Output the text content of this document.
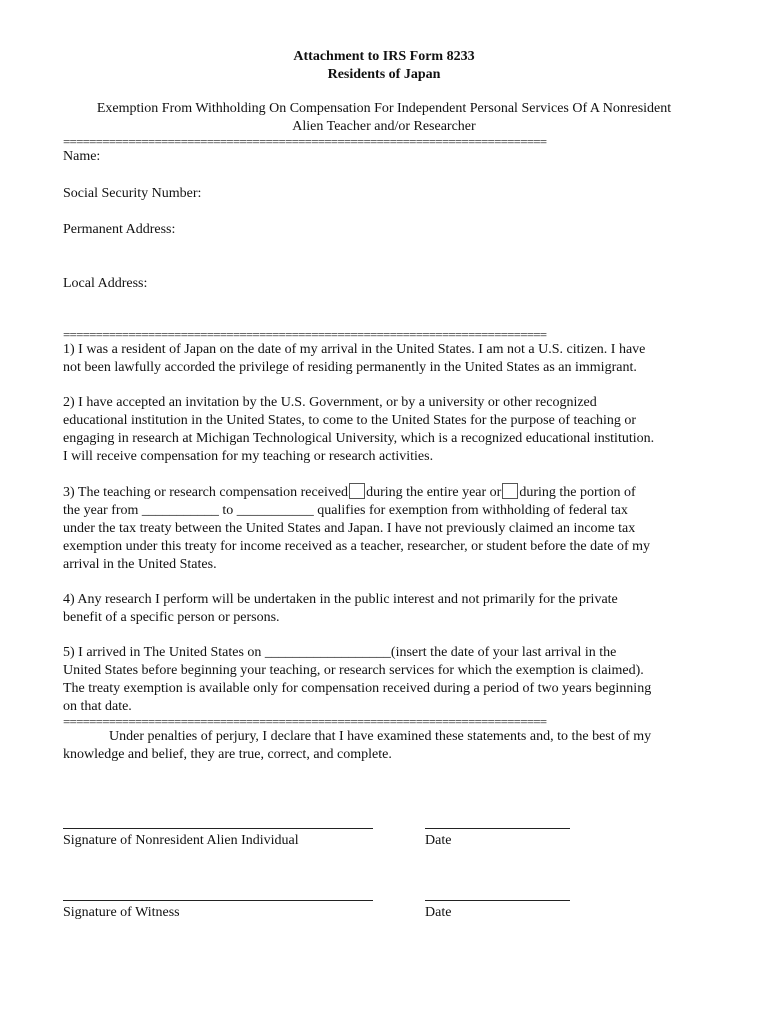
Attachment to IRS Form 8233
Residents of Japan
Exemption From Withholding On Compensation For Independent Personal Services Of A Nonresident
Alien Teacher and/or Researcher
==========================================================================
Name:
Social Security Number:
Permanent Address:
Local Address:
==========================================================================
1) I was a resident of Japan on the date of my arrival in the United States. I am not a U.S. citizen. I have
not been lawfully accorded the privilege of residing permanently in the United States as an immigrant.
2) I have accepted an invitation by the U.S. Government, or by a university or other recognized
educational institution in the United States, to come to the United States for the purpose of teaching or
engaging in research at Michigan Technological University, which is a recognized educational institution.
I will receive compensation for my teaching or research activities.
3) The teaching or research compensation received during the entire year or during the portion of
the year from ___________ to ___________ qualifies for exemption from withholding of federal tax
under the tax treaty between the United States and Japan. I have not previously claimed an income tax
exemption under this treaty for income received as a teacher, researcher, or student before the date of my
arrival in the United States.
4) Any research I perform will be undertaken in the public interest and not primarily for the private
benefit of a specific person or persons.
5) I arrived in The United States on __________________(insert the date of your last arrival in the
United States before beginning your teaching, or research services for which the exemption is claimed).
The treaty exemption is available only for compensation received during a period of two years beginning
on that date.
==========================================================================
Under penalties of perjury, I declare that I have examined these statements and, to the best of my
knowledge and belief, they are true, correct, and complete.
Signature of Nonresident Alien Individual	Date
Signature of Witness	Date
